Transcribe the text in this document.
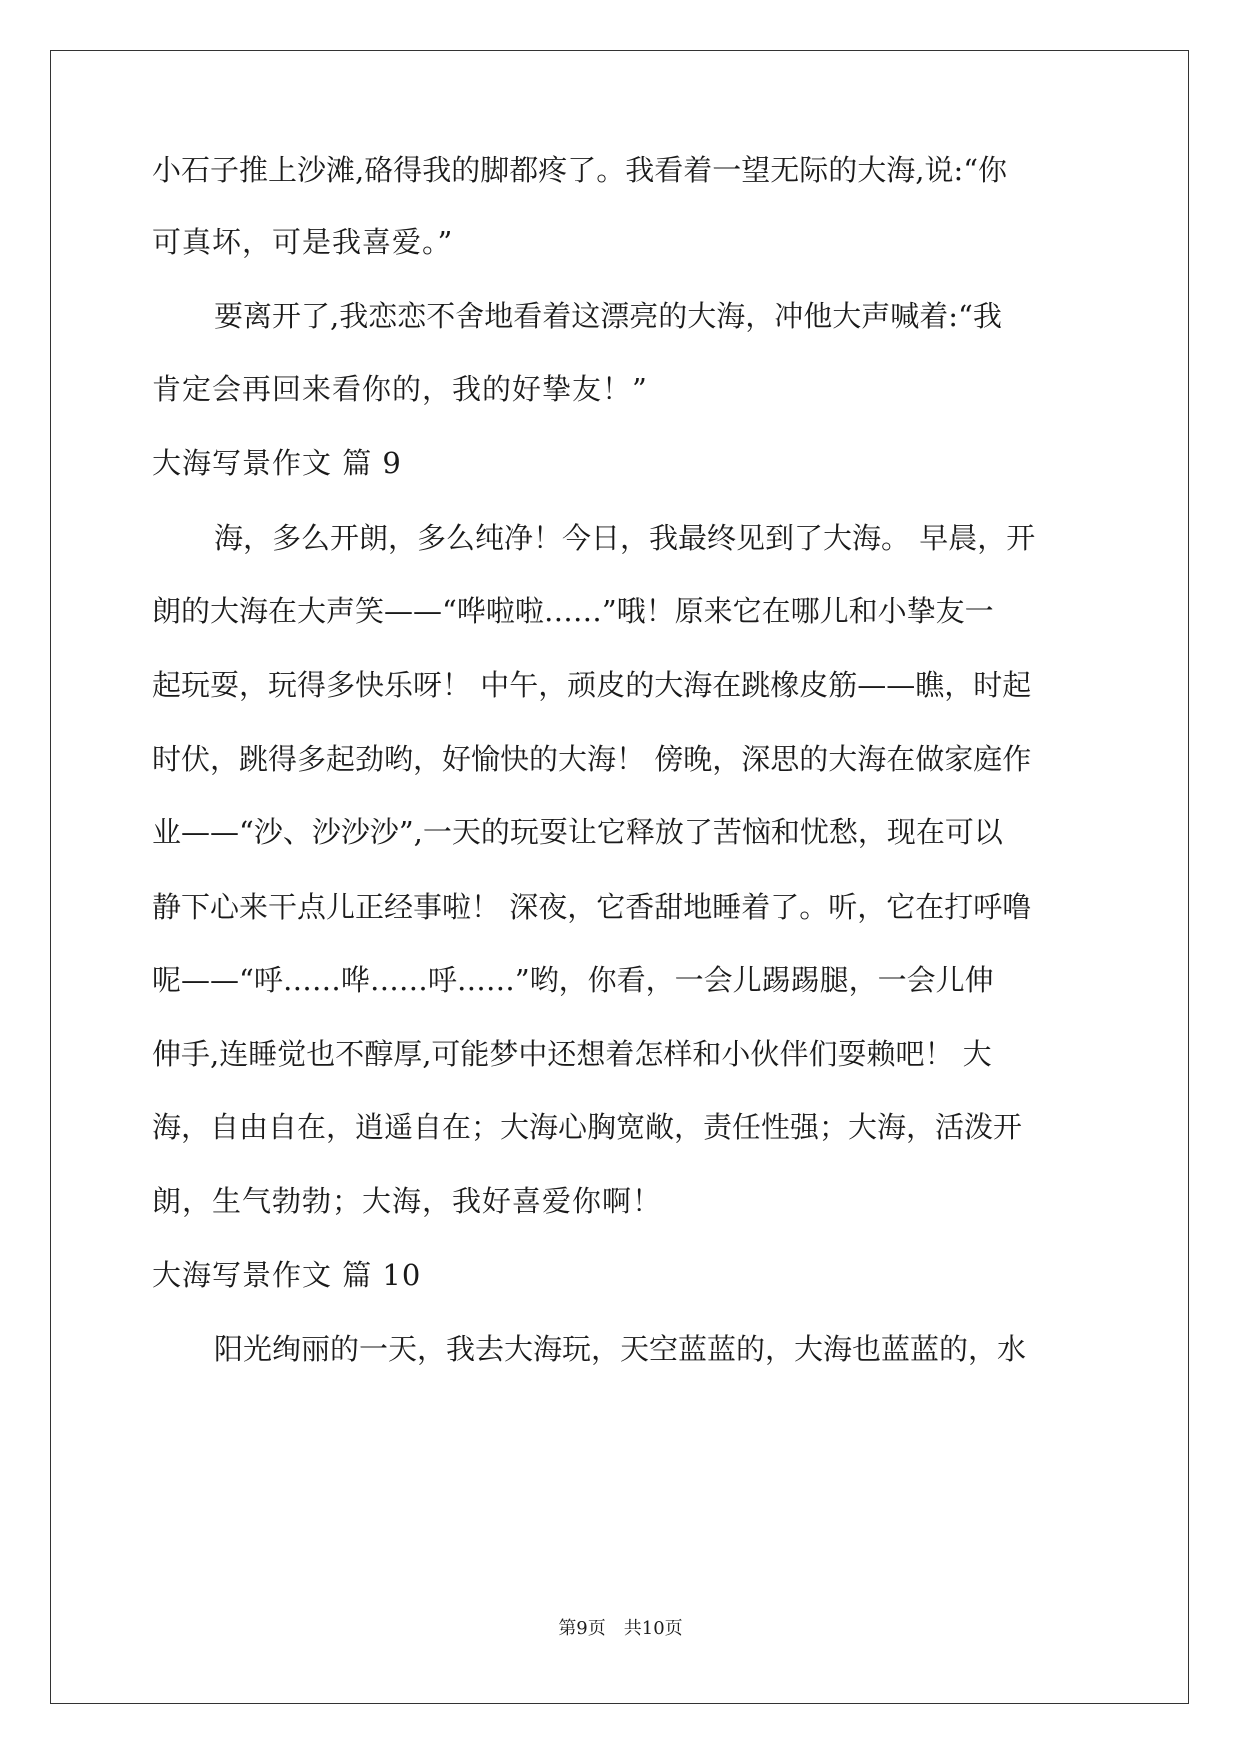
小石子推上沙滩,硌得我的脚都疼了。我看着一望无际的大海,说:“你
可真坏，可是我喜爱。”
要离开了,我恋恋不舍地看着这漂亮的大海，冲他大声喊着:“我
肯定会再回来看你的，我的好挚友！”
大海写景作文 篇 9
海，多么开朗，多么纯净！今日，我最终见到了大海。 早晨，开
朗的大海在大声笑——“哗啦啦……”哦！原来它在哪儿和小挚友一
起玩耍，玩得多快乐呀！ 中午，顽皮的大海在跳橡皮筋——瞧，时起
时伏，跳得多起劲哟，好愉快的大海！ 傍晚，深思的大海在做家庭作
业——“沙、沙沙沙”,一天的玩耍让它释放了苦恼和忧愁，现在可以
静下心来干点儿正经事啦！ 深夜，它香甜地睡着了。听，它在打呼噜
呢——“呼……哗……呼……”哟，你看，一会儿踢踢腿，一会儿伸
伸手,连睡觉也不醇厚,可能梦中还想着怎样和小伙伴们耍赖吧！ 大
海，自由自在，逍遥自在；大海心胸宽敞，责任性强；大海，活泼开
朗，生气勃勃；大海，我好喜爱你啊！
大海写景作文 篇 10
阳光绚丽的一天，我去大海玩，天空蓝蓝的，大海也蓝蓝的，水
第9页　共10页
